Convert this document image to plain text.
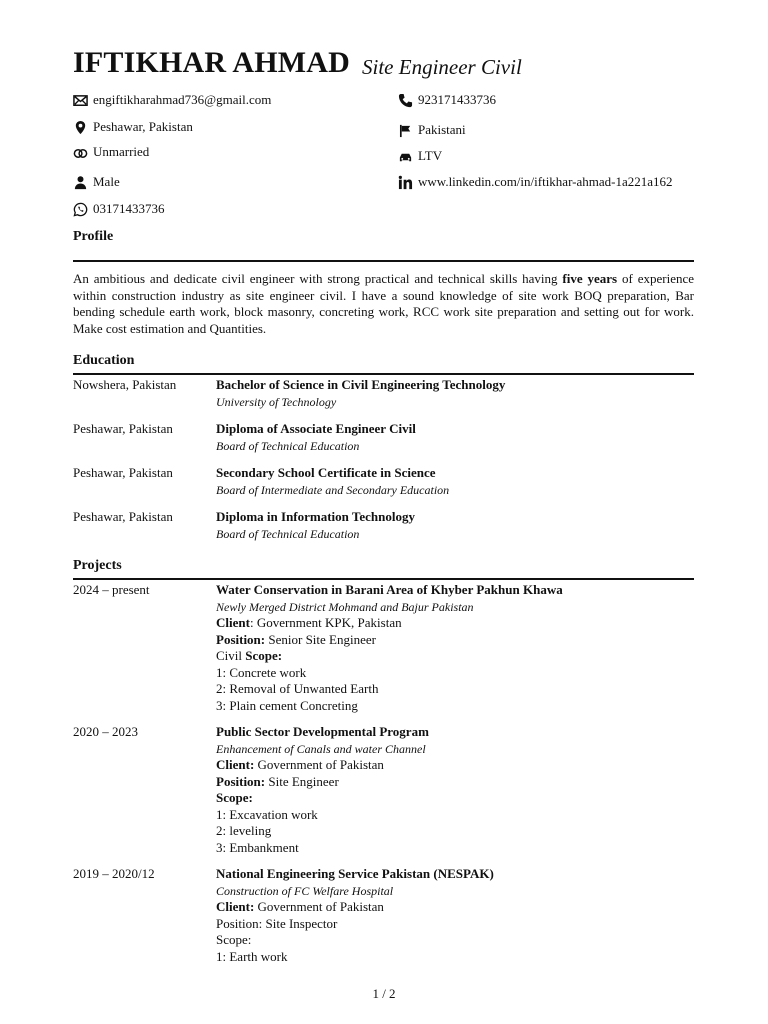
IFTIKHAR AHMAD Site Engineer Civil
engiftikharahmad736@gmail.com	923171433736
Peshawar, Pakistan	Pakistani
Unmarried	LTV
Male	www.linkedin.com/in/iftikhar-ahmad-1a221a162
03171433736
Profile
An ambitious and dedicate civil engineer with strong practical and technical skills having five years of experience within construction industry as site engineer civil. I have a sound knowledge of site work BOQ preparation, Bar bending schedule earth work, block masonry, concreting work, RCC work site preparation and setting out for work. Make cost estimation and Quantities.
Education
Nowshera, Pakistan	Bachelor of Science in Civil Engineering Technology
University of Technology
Peshawar, Pakistan	Diploma of Associate Engineer Civil
Board of Technical Education
Peshawar, Pakistan	Secondary School Certificate in Science
Board of Intermediate and Secondary Education
Peshawar, Pakistan	Diploma in Information Technology
Board of Technical Education
Projects
2024 – present	Water Conservation in Barani Area of Khyber Pakhun Khawa
Newly Merged District Mohmand and Bajur Pakistan
Client: Government KPK, Pakistan
Position: Senior Site Engineer
Civil Scope:
1: Concrete work
2: Removal of Unwanted Earth
3: Plain cement Concreting
2020 – 2023	Public Sector Developmental Program
Enhancement of Canals and water Channel
Client: Government of Pakistan
Position: Site Engineer
Scope:
1: Excavation work
2: leveling
3: Embankment
2019 – 2020/12	National Engineering Service Pakistan (NESPAK)
Construction of FC Welfare Hospital
Client: Government of Pakistan
Position: Site Inspector
Scope:
1: Earth work
1 / 2
